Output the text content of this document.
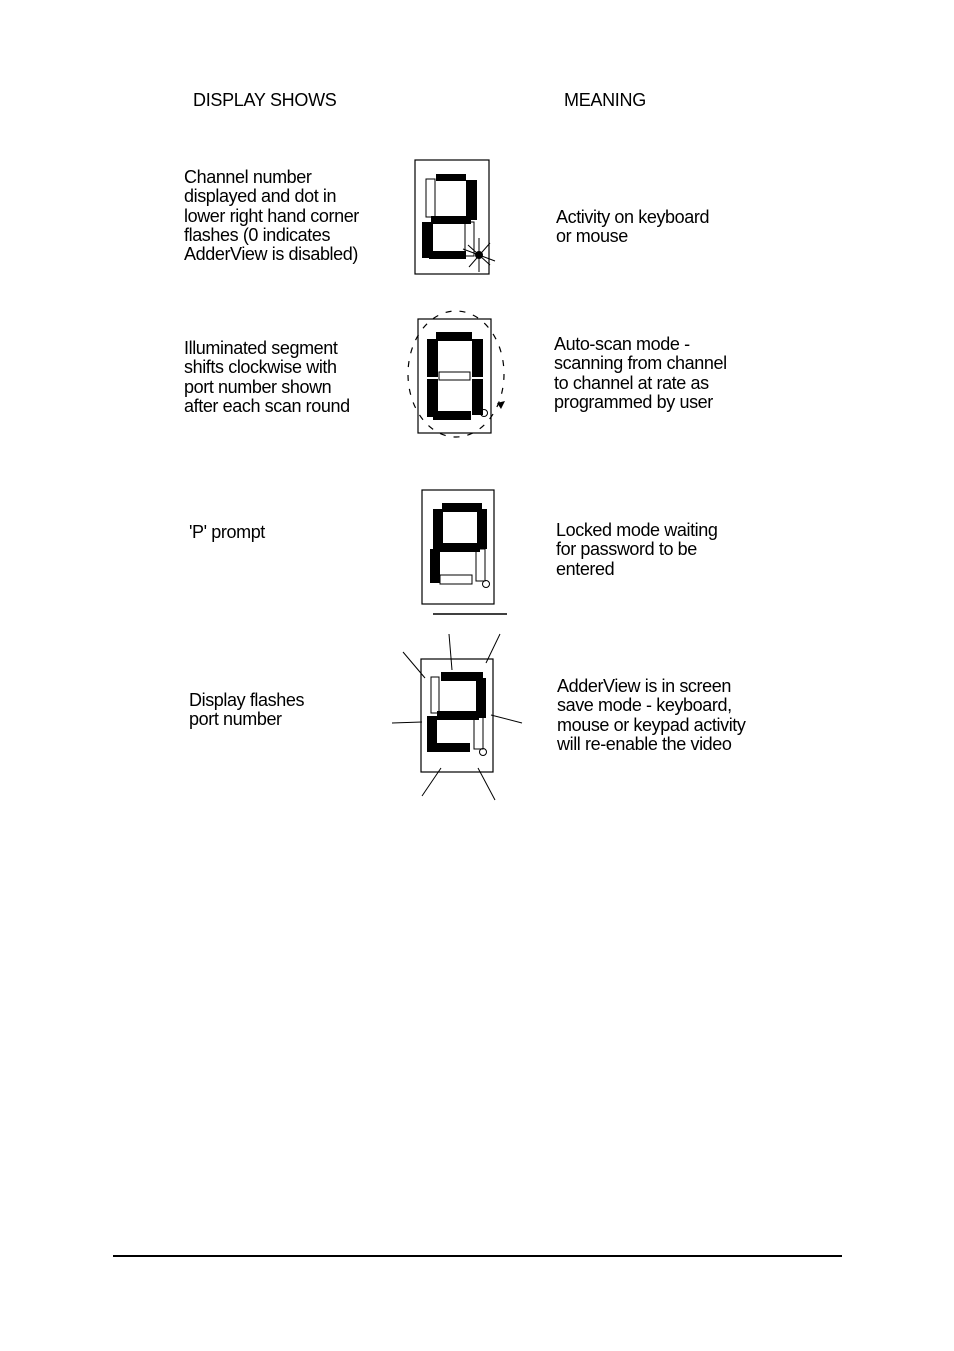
DISPLAY SHOWS	MEANING
Channel number
displayed and dot in
lower right hand corner
flashes (0 indicates
AdderView is disabled)
Activity on keyboard
or mouse
Illuminated segment
shifts clockwise with
port number shown
after each scan round
Auto-scan mode -
scanning from channel
to channel at rate as
programmed by user
'P' prompt	Locked mode waiting
for password to be
entered
Display flashes
port number
AdderView is in screen
save mode - keyboard,
mouse or keypad activity
will re-enable the video
